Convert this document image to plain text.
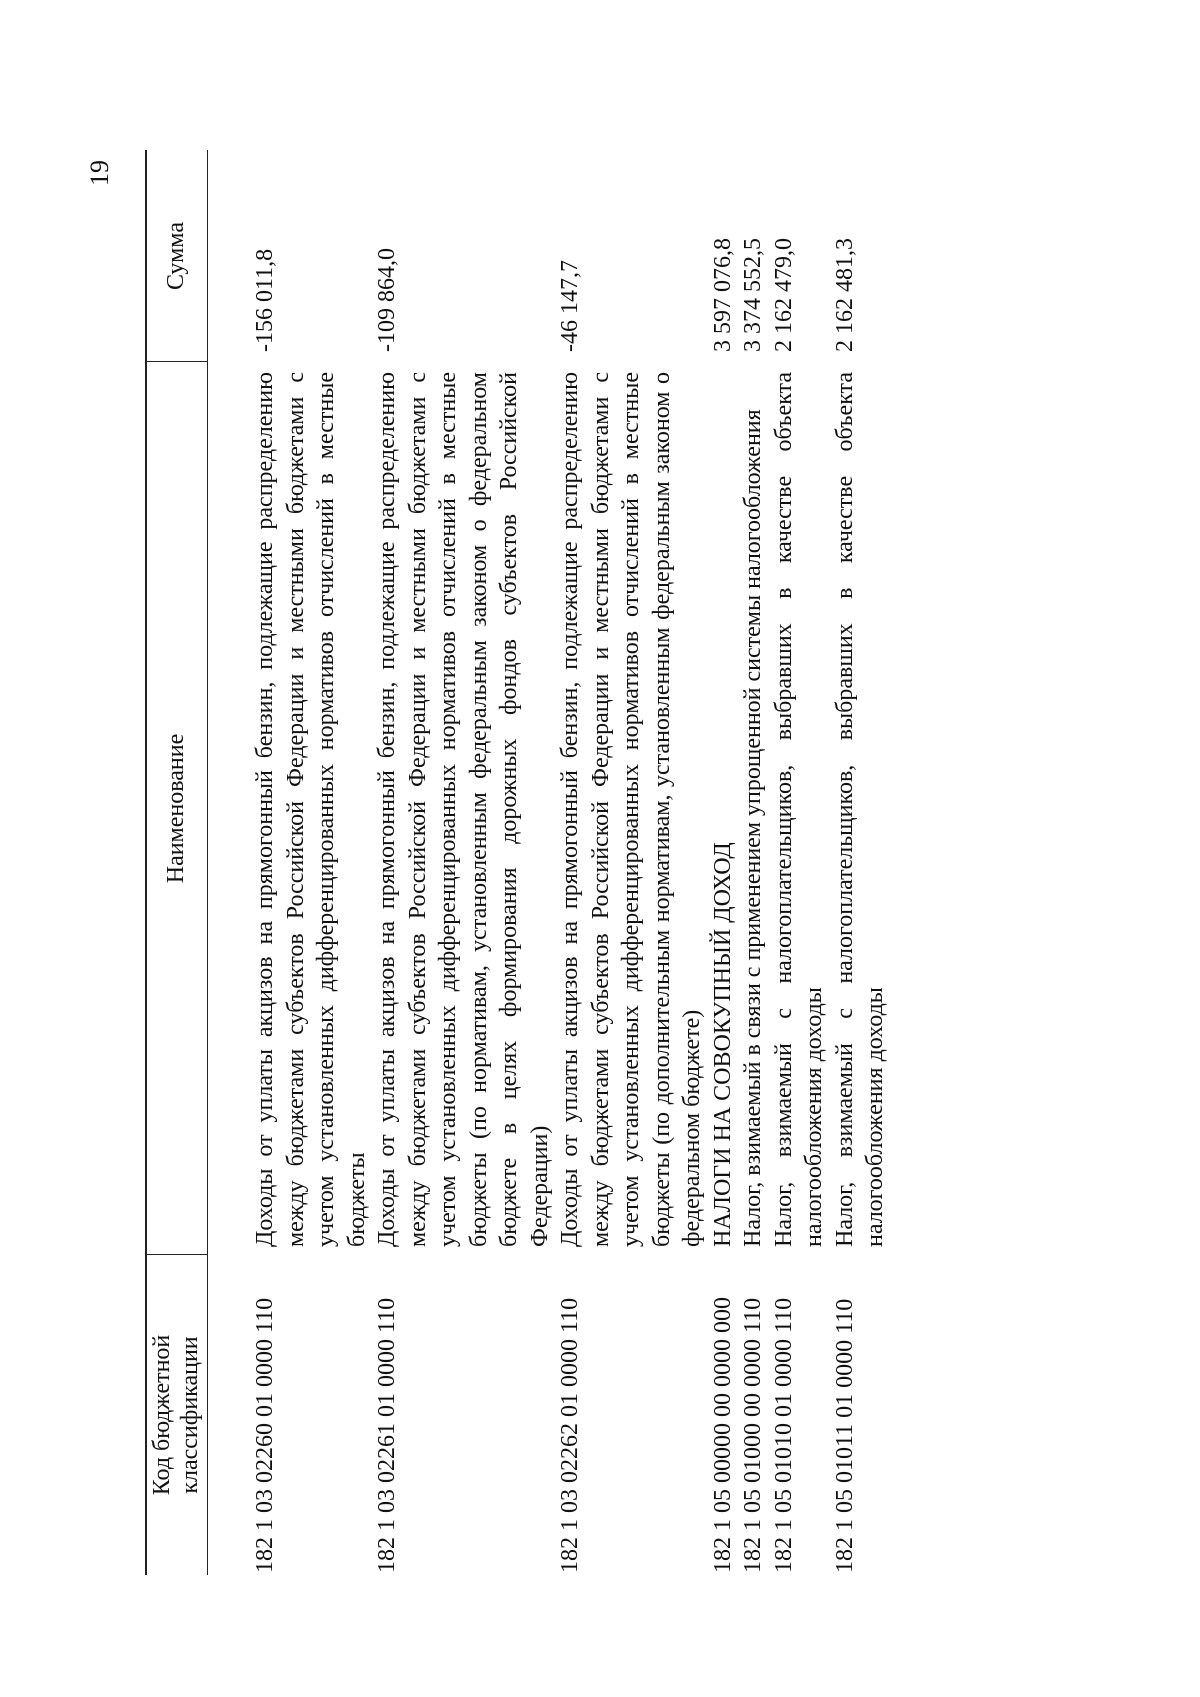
19
Код бюджетной классификации
Наименование
Сумма
182 1 03 02260 01 0000 110
Доходы от уплаты акцизов на прямогонный бензин, подлежащие распределению между бюджетами субъектов Российской Федерации и местными бюджетами с учетом установленных дифференцированных нормативов отчислений в местные бюджеты
-156 011,8
182 1 03 02261 01 0000 110
Доходы от уплаты акцизов на прямогонный бензин, подлежащие распределению между бюджетами субъектов Российской Федерации и местными бюджетами с учетом установленных дифференцированных нормативов отчислений в местные бюджеты (по нормативам, установленным федеральным законом о федеральном бюджете в целях формирования дорожных фондов субъектов Российской Федерации)
-109 864,0
182 1 03 02262 01 0000 110
Доходы от уплаты акцизов на прямогонный бензин, подлежащие распределению между бюджетами субъектов Российской Федерации и местными бюджетами с учетом установленных дифференцированных нормативов отчислений в местные бюджеты (по дополнительным нормативам, установленным федеральным законом о федеральном бюджете)
-46 147,7
182 1 05 00000 00 0000 000
НАЛОГИ НА СОВОКУПНЫЙ ДОХОД
3 597 076,8
182 1 05 01000 00 0000 110
Налог, взимаемый в связи с применением упрощенной системы налогообложения
3 374 552,5
182 1 05 01010 01 0000 110
Налог, взимаемый с налогоплательщиков, выбравших в качестве объекта налогообложения доходы
2 162 479,0
182 1 05 01011 01 0000 110
Налог, взимаемый с налогоплательщиков, выбравших в качестве объекта налогообложения доходы
2 162 481,3
